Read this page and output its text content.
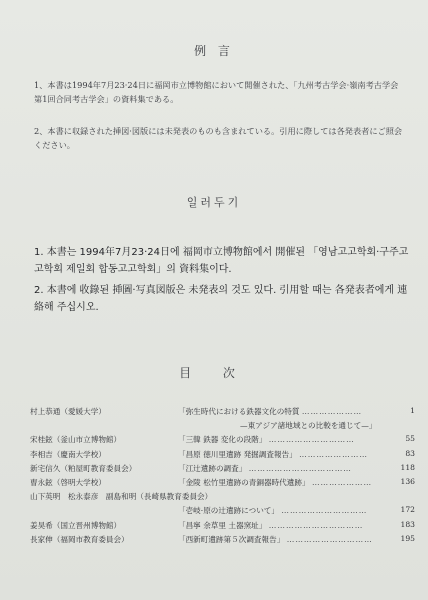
例 言
1、本書は1994年7月23·24日に福岡市立博物館において開催された、「九州考古学会·嶺南考古学会 第1回合同考古学会」の資料集である。
2、本書に収録された挿図·図版には未発表のものも含まれている。引用に際しては各発表者にご照会ください。
일러두기
1. 本書는 1994年7月23·24日에 福岡市立博物館에서 開催된 「영남고고학회·구주고고학회 제일회 합동고고학회」의 資料集이다.
2. 本書에 收錄된 挿圖·写真図版은 未発表의 것도 있다. 引用할 때는 各発表者에게 連絡해 주십시오.
目 次
村上恭通（愛媛大学）	「弥生時代における鉄器文化の特質 …………………	1
—東アジア諸地域との比較を通じて—」
宋桂鉉（釜山市立博物館）	「三韓 鉄器 変化の段階」 …………………………	55
李相吉（慶南大学校）	「昌原 徳川里遺跡 発掘調査報告」 ……………………	83
新宅信久（粕屋町教育委員会）	「江辻遺跡の調査」 ………………………………	118
曺永鉉（啓明大学校）	「金陵 松竹里遺跡の青銅器時代遺跡」 …………………	136
山下英明　松永泰彦　副島和明（長崎県教育委員会）
「壱岐·原の辻遺跡について」 …………………………	172
姜昊希（国立晋州博物館）	「昌寧 余草里 土器窯址」 ……………………………	183
長家伸（福岡市教育委員会）	「西新町遺跡第５次調査報告」 …………………………	195
